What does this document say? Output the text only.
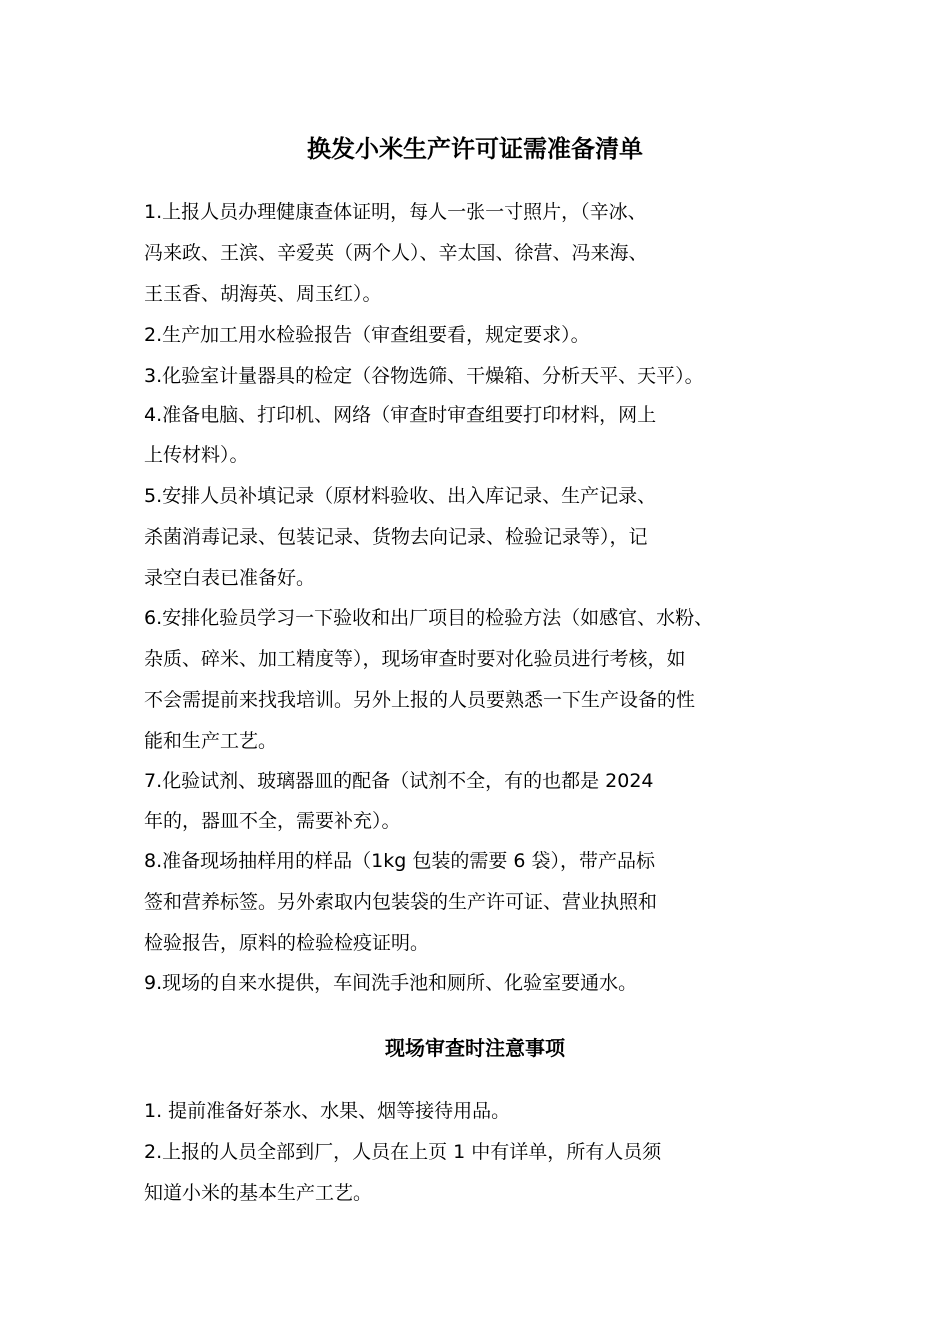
换发小米生产许可证需准备清单

1.上报人员办理健康查体证明，每人一张一寸照片，（辛冰、

冯来政、王滨、辛爱英（两个人）、辛太国、徐营、冯来海、

王玉香、胡海英、周玉红）。

2.生产加工用水检验报告（审查组要看，规定要求）。

3.化验室计量器具的检定（谷物选筛、干燥箱、分析天平、天平）。

4.准备电脑、打印机、网络（审查时审查组要打印材料，网上

上传材料）。

5.安排人员补填记录（原材料验收、出入库记录、生产记录、

杀菌消毒记录、包装记录、货物去向记录、检验记录等），记

录空白表已准备好。

6.安排化验员学习一下验收和出厂项目的检验方法（如感官、水粉、

杂质、碎米、加工精度等），现场审查时要对化验员进行考核，如

不会需提前来找我培训。另外上报的人员要熟悉一下生产设备的性

能和生产工艺。

7.化验试剂、玻璃器皿的配备（试剂不全，有的也都是 2024

年的，器皿不全，需要补充）。

8.准备现场抽样用的样品（1kg 包装的需要 6 袋），带产品标

签和营养标签。另外索取内包装袋的生产许可证、营业执照和

检验报告，原料的检验检疫证明。

9.现场的自来水提供，车间洗手池和厕所、化验室要通水。

现场审查时注意事项

1. 提前准备好茶水、水果、烟等接待用品。

2.上报的人员全部到厂，人员在上页 1 中有详单，所有人员须

知道小米的基本生产工艺。
